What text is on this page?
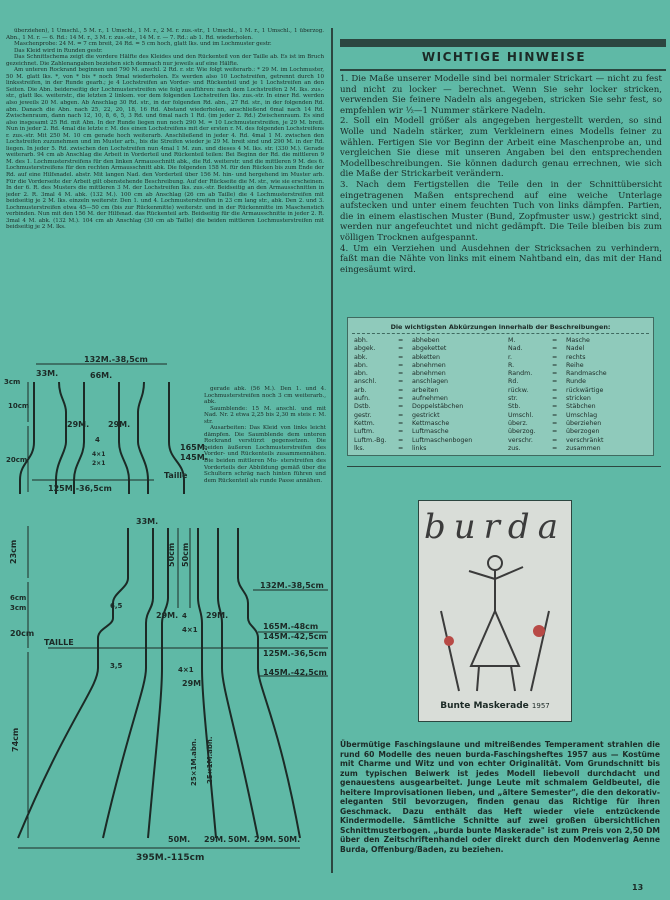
überziehen), 1 Umschl., 5 M. r., 1 Umschl., 1 M. r., 2 M. r. zus.-str., 1 Umschl., 1 M. r., 1 Umschl., 1 überzog. Abn., 1 M. r. — 6. Rd.: 14 M. r., 3 M. r. zus.-str., 14 M. r. — 7. Rd.: ab 1. Rd. wiederholen.

Maschenprobe: 24 M. = 7 cm breit, 24 Rd. = 5 cm hoch, glatt lks. und im Lochmuster gestr.

Das Kleid wird in Runden gestr.

Das Schnittschema zeigt die vordere Hälfte des Kleides und den Rückenteil von der Taille ab. Es ist im Bruch gezeichnet. Die Zahlenangaben beziehen sich demnach nur jeweils auf eine Hälfte.

Am unteren Rockrand beginnen und 790 M. anschl. 2 Rd. r. str. Wie folgt weiterarb.: * 29 M. im Lochmuster, 50 M. glatt lks. *, von * bis * noch 9mal wiederholen. Es werden also 10 Lochstreifen, getrennt durch 10 linksstreifen, in der Runde gearb.; je 4 Lochstreifen an Vorder- und Rückenteil und je 1 Lochstreifen an den Seiten. Die Abn. beiderseitig der Lochmusterstreifen wie folgt ausführen: nach dem Lochstreifen 2 M. lks. zus.-str., glatt lks. weiterstr., die letzten 2 linksm. vor dem folgenden Lochstreifen lks. zus.-str. In einer Rd. werden also jeweils 20 M. abgen. Ab Anschlag 30 Rd. str., in der folgenden Rd. abn., 27 Rd. str., in der folgenden Rd. abn. Danach die Abn. nach 25, 22, 20, 18, 16 Rd. Abstand wiederholen, anschließend 6mal nach 14 Rd. Zwischenraum, dann nach 12, 10, 8, 6, 5, 3 Rd. und 6mal nach 1 Rd. (im jeder 2. Rd.) Zwischenraum. Es sind also insgesamt 25 Rd. mit Abn. In der Runde liegen nun noch 290 M. = 10 Lochmusterstreifen, je 29 M. breit. Nun in jeder 2. Rd. 4mal die letzte r. M. des einen Lochstreifens mit der ersten r. M. des folgenden Lochstreifens r. zus.-str. Mit 250 M. 10 cm gerade hoch weiterarb. Anschließend in jeder 4. Rd. 4mal 1 M. zwischen den Lochstreifen zuzunehmen und im Muster arb., bis die Streifen wieder je 29 M. breit sind und 290 M. in der Rd. liegen. In jeder 5. Rd. zwischen den Lochstreifen nun 4mal 1 M. zun. und dieses 4 M. lks. str. (330 M.). Gerade weiterarb. 94 cm ab Anschlag die Arbeit in Vorderteil und Rückenteil teilen: Bei Beginn der Rd. die mittleren 9 M. des 1. Lochmusterstreifens für den linken Armausschnitt abk., die Rd. weiterstr. und die mittleren 9 M. des 6. Lochmusterstreifens für den rechten Armausschnitt abk. Die folgenden 158 M. für den Rücken bis zum Ende der Rd. auf eine Hilfsnadel. abstr. Mit langen Nad. den Vorderteil über 156 M. hin- und hergehend im Muster arb. Für die Vorderseite der Arbeit gilt obenstehende Beschreibung. Auf der Rückseite die M. str., wie sie erscheinen. In der 6. R. des Musters die mittleren 3 M. der Lochstreifen lks. zus.-str. Beidseitig an den Armausschnitten in jeder 2. R. 3mal 4 M. abk. (132 M.). 100 cm ab Anschlag (26 cm ab Taille) die 4 Lochmusterstreifen mit beidseitig je 2 M. lks. einzeln weiterstr. Den 1. und 4. Lochmusterstreifen in 23 cm lang str., abk. Den 2. und 3. Lochmusterstreifen etwa 45—50 cm (bis zur Rückenmitte) weiterstr. und in der Rückenmitte im Maschenstich verbinden. Nun mit den 156 M. der Hilfsnad. das Rückenteil arb. Beidseitig für die Armausschnitte in jeder 2. R. 3mal 4 M. abk. (132 M.). 104 cm ab Anschlag (30 cm ab Taille) die beiden mittleren Lochmusterstreifen mit beidseitig je 2 M. lks.

gerade abk. (56 M.). Den 1. und 4. Lochmusterstreifen noch 3 cm weiterarb., abk.

Saumblende: 15 M. anschl. und mit Nad. Nr. 2 etwa 2,25 bis 2,30 m steis r. M. str.

Ausarbeiten: Das Kleid von links leicht dämpfen. Die Saumblende dem unteren Rockrand verstürzt gegensetzen. Die beiden äußeren Lochmusterstreifen des Vorder- und Rückenteils zusammennähen. Die beiden mittleren Mu- sterstreifen des Vorderteils der Abbildung gemäß über die Schultern schräg nach hinten führen und dem Rückenteil als runde Passe annähen.

132M.-38,5cm
33M.	66M.
3cm
10cm
29M. 29M.
4
4×1
2×1
20cm
165M.
145M.
Taille
125M.-36,5cm
33M.
23cm	50cm 50cm
132M.-38,5cm
6cm
3cm
20cm
6,5
3,5
29M.
4×1
4 29M.
165M.-48cm
145M.-42,5cm
TAILLE
125M.-36,5cm
145M.-42,5cm
4×1
29M.
74cm	25×1M.abn. 25×1M.abn.
50M. 29M. 50M. 29M. 50M.
395M.-115cm
WICHTIGE HINWEISE

1. Die Maße unserer Modelle sind bei normaler Strickart — nicht zu fest und nicht zu locker — berechnet. Wenn Sie sehr locker stricken, verwenden Sie feinere Nadeln als angegeben, stricken Sie sehr fest, so empfehlen wir ½—1 Nummer stärkere Nadeln.

2. Soll ein Modell größer als angegeben hergestellt werden, so sind Wolle und Nadeln stärker, zum Verkleinern eines Modells feiner zu wählen. Fertigen Sie vor Beginn der Arbeit eine Maschenprobe an, und vergleichen Sie diese mit unseren Angaben bei den entsprechenden Modellbeschreibungen. Sie können dadurch genau errechnen, wie sich die Maße der Strickarbeit verändern.

3. Nach dem Fertigstellen die Teile den in der Schnittübersicht eingetragenen Maßen entsprechend auf eine weiche Unterlage aufstecken und unter einem feuchten Tuch von links dämpfen. Partien, die in einem elastischen Muster (Bund, Zopfmuster usw.) gestrickt sind, werden nur angefeuchtet und nicht gedämpft. Die Teile bleiben bis zum völligen Trocknen aufgespannt.

4. Um ein Verziehen und Ausdehnen der Stricksachen zu verhindern, faßt man die Nähte von links mit einem Nahtband ein, das mit der Hand eingesäumt wird.

Die wichtigsten Abkürzungen innerhalb der Beschreibungen:
abh.	= abheben
abgek.	= abgekettet
abk.	= abketten
abn.	= abnehmen
abn.	= abnehmen
anschl.	= anschlagen
arb.	= arbeiten
aufn.	= aufnehmen
Dstb.	= Doppelstäbchen
gestr.	= gestrickt
Kettm.	= Kettmasche
Luftm.	= Luftmasche
Luftm.-Bg. = Luftmaschenbogen
lks.	= links
M.	= Masche
Nad.	= Nadel
r.	= rechts
R.	= Reihe
Randm.	= Randmasche
Rd.	= Runde
rückw.	= rückwärtige
str.	= stricken
Stb.	= Stäbchen
Umschl.	= Umschlag
überz.	= überziehen
überzog.	= überzogen
verschr.	= verschränkt
zus.	= zusammen
burda
Bunte Maskerade 1957
Übermütige Faschingslaune und mitreißendes Temperament strahlen die rund 60 Modelle des neuen burda-Faschingsheftes 1957 aus — Kostüme mit Charme und Witz und von echter Originalität. Vom Grundschnitt bis zum typischen Beiwerk ist jedes Modell liebevoll durchdacht und genauestens ausgearbeitet. Junge Leute mit schmalem Geldbeutel, die heitere Improvisationen lieben, und „ältere Semester", die den dekorativ-eleganten Stil bevorzugen, finden genau das Richtige für ihren Geschmack. Dazu enthält das Heft wieder viele entzückende Kindermodelle. Sämtliche Schnitte auf zwei großen übersichtlichen Schnittmusterbogen. „burda bunte Maskerade" ist zum Preis von 2,50 DM über den Zeitschriftenhandel oder direkt durch den Modenverlag Aenne Burda, Offenburg/Baden, zu beziehen.
13
